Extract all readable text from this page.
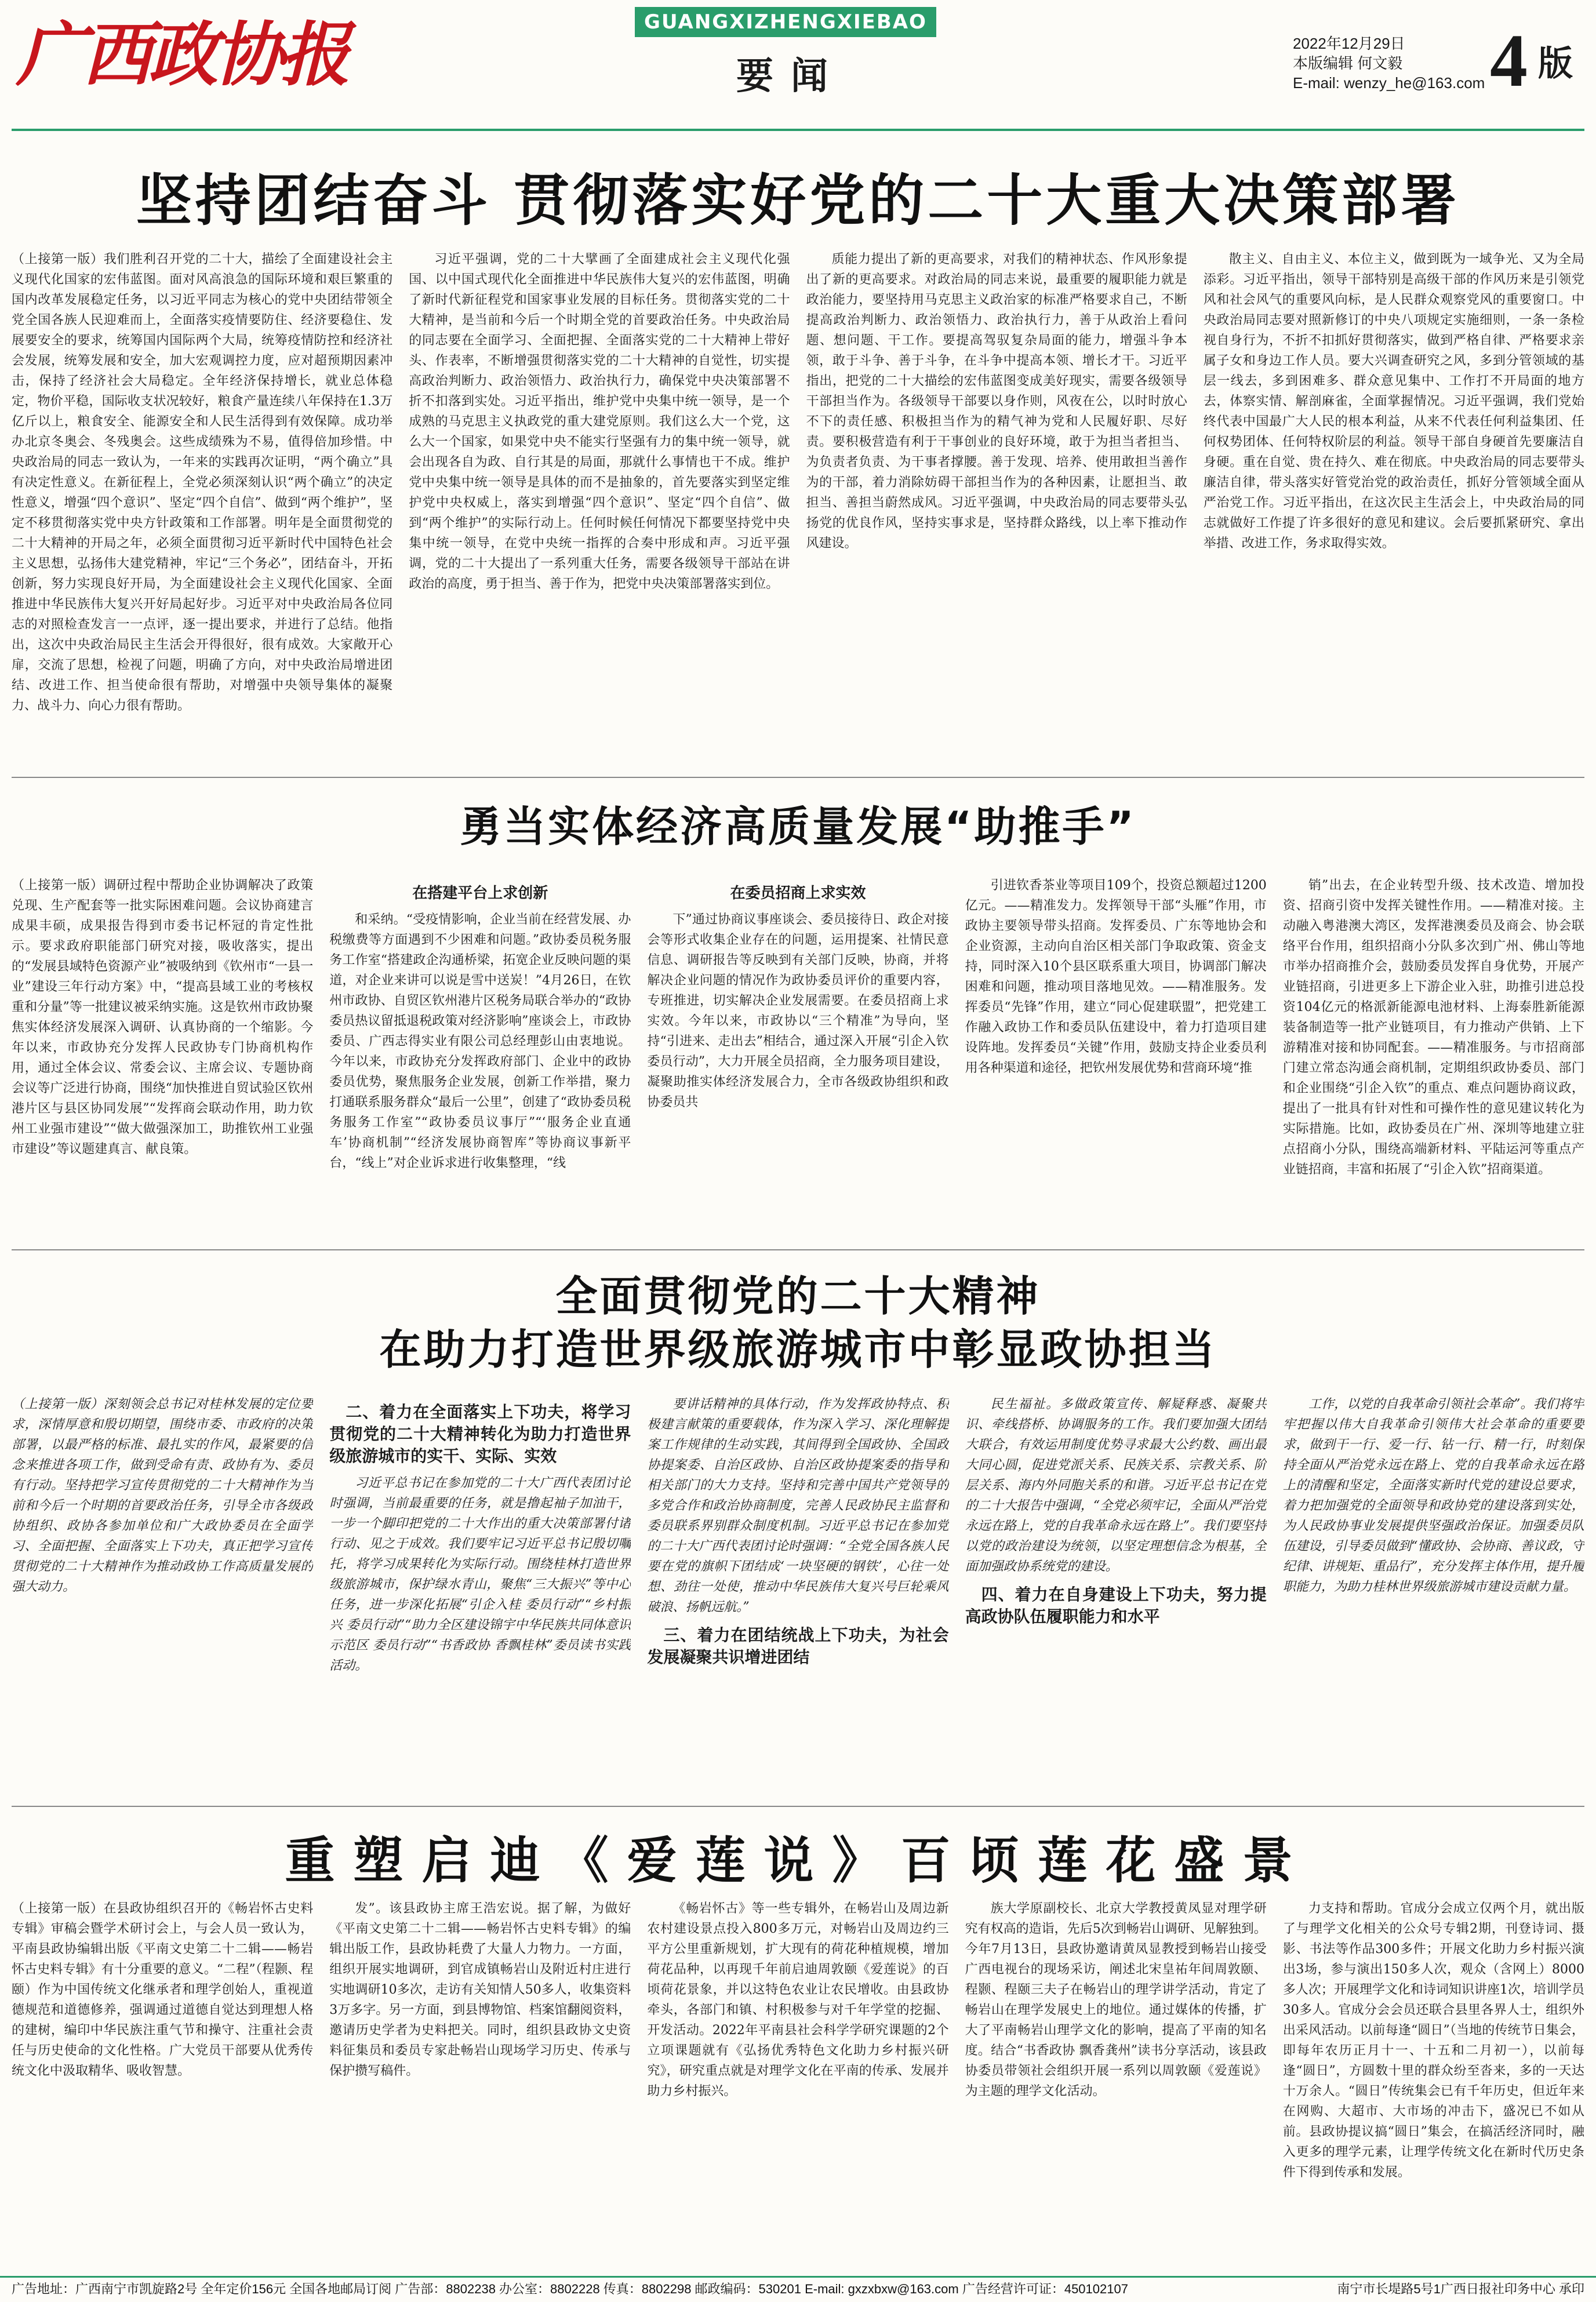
广西政协报	GUANGXIZHENGXIEBAO
要闻
2022年12月29日
本版编辑 何文毅
E-mail: wenzy_he@163.com 4 版
坚持团结奋斗 贯彻落实好党的二十大重大决策部署

（上接第一版）我们胜利召开党的二十大，描绘了全面建设社会主义现代化国家的宏伟蓝图。面对风高浪急的国际环境和艰巨繁重的国内改革发展稳定任务，以习近平同志为核心的党中央团结带领全党全国各族人民迎难而上，全面落实疫情要防住、经济要稳住、发展要安全的要求，统筹国内国际两个大局，统筹疫情防控和经济社会发展，统筹发展和安全，加大宏观调控力度，应对超预期因素冲击，保持了经济社会大局稳定。全年经济保持增长，就业总体稳定，物价平稳，国际收支状况较好，粮食产量连续八年保持在1.3万亿斤以上，粮食安全、能源安全和人民生活得到有效保障。成功举办北京冬奥会、冬残奥会。这些成绩殊为不易，值得倍加珍惜。中央政治局的同志一致认为，一年来的实践再次证明，“两个确立”具有决定性意义。在新征程上，全党必须深刻认识“两个确立”的决定性意义，增强“四个意识”、坚定“四个自信”、做到“两个维护”，坚定不移贯彻落实党中央方针政策和工作部署。明年是全面贯彻党的二十大精神的开局之年，必须全面贯彻习近平新时代中国特色社会主义思想，弘扬伟大建党精神，牢记“三个务必”，团结奋斗，开拓创新，努力实现良好开局，为全面建设社会主义现代化国家、全面推进中华民族伟大复兴开好局起好步。习近平对中央政治局各位同志的对照检查发言一一点评，逐一提出要求，并进行了总结。他指出，这次中央政治局民主生活会开得很好，很有成效。大家敞开心扉，交流了思想，检视了问题，明确了方向，对中央政治局增进团结、改进工作、担当使命很有帮助，对增强中央领导集体的凝聚力、战斗力、向心力很有帮助。

习近平强调，党的二十大擘画了全面建成社会主义现代化强国、以中国式现代化全面推进中华民族伟大复兴的宏伟蓝图，明确了新时代新征程党和国家事业发展的目标任务。贯彻落实党的二十大精神，是当前和今后一个时期全党的首要政治任务。中央政治局的同志要在全面学习、全面把握、全面落实党的二十大精神上带好头、作表率，不断增强贯彻落实党的二十大精神的自觉性，切实提高政治判断力、政治领悟力、政治执行力，确保党中央决策部署不折不扣落到实处。习近平指出，维护党中央集中统一领导，是一个成熟的马克思主义执政党的重大建党原则。我们这么大一个党，这么大一个国家，如果党中央不能实行坚强有力的集中统一领导，就会出现各自为政、自行其是的局面，那就什么事情也干不成。维护党中央集中统一领导是具体的而不是抽象的，首先要落实到坚定维护党中央权威上，落实到增强“四个意识”、坚定“四个自信”、做到“两个维护”的实际行动上。任何时候任何情况下都要坚持党中央集中统一领导，在党中央统一指挥的合奏中形成和声。习近平强调，党的二十大提出了一系列重大任务，需要各级领导干部站在讲政治的高度，勇于担当、善于作为，把党中央决策部署落实到位。

质能力提出了新的更高要求，对我们的精神状态、作风形象提出了新的更高要求。对政治局的同志来说，最重要的履职能力就是政治能力，要坚持用马克思主义政治家的标准严格要求自己，不断提高政治判断力、政治领悟力、政治执行力，善于从政治上看问题、想问题、干工作。要提高驾驭复杂局面的能力，增强斗争本领，敢于斗争、善于斗争，在斗争中提高本领、增长才干。习近平指出，把党的二十大描绘的宏伟蓝图变成美好现实，需要各级领导干部担当作为。各级领导干部要以身作则，风夜在公，以时时放心不下的责任感、积极担当作为的精气神为党和人民履好职、尽好责。要积极营造有利于干事创业的良好环境，敢于为担当者担当、为负责者负责、为干事者撑腰。善于发现、培养、使用敢担当善作为的干部，着力消除妨碍干部担当作为的各种因素，让愿担当、敢担当、善担当蔚然成风。习近平强调，中央政治局的同志要带头弘扬党的优良作风，坚持实事求是，坚持群众路线，以上率下推动作风建设。

散主义、自由主义、本位主义，做到既为一域争光、又为全局添彩。习近平指出，领导干部特别是高级干部的作风历来是引领党风和社会风气的重要风向标，是人民群众观察党风的重要窗口。中央政治局同志要对照新修订的中央八项规定实施细则，一条一条检视自身行为，不折不扣抓好贯彻落实，做到严格自律、严格要求亲属子女和身边工作人员。要大兴调查研究之风，多到分管领域的基层一线去，多到困难多、群众意见集中、工作打不开局面的地方去，体察实情、解剖麻雀，全面掌握情况。习近平强调，我们党始终代表中国最广大人民的根本利益，从来不代表任何利益集团、任何权势团体、任何特权阶层的利益。领导干部自身硬首先要廉洁自身硬。重在自觉、贵在持久、难在彻底。中央政治局的同志要带头廉洁自律，带头落实好管党治党的政治责任，抓好分管领域全面从严治党工作。习近平指出，在这次民主生活会上，中央政治局的同志就做好工作提了许多很好的意见和建议。会后要抓紧研究、拿出举措、改进工作，务求取得实效。

勇当实体经济高质量发展“助推手”

（上接第一版）调研过程中帮助企业协调解决了政策兑现、生产配套等一批实际困难问题。会议协商建言成果丰硕，成果报告得到市委书记杯冠的肯定性批示。要求政府职能部门研究对接，吸收落实，提出的“发展县域特色资源产业”被吸纳到《钦州市“一县一业”建设三年行动方案》中，“提高县域工业的考核权重和分量”等一批建议被采纳实施。这是钦州市政协聚焦实体经济发展深入调研、认真协商的一个缩影。今年以来，市政协充分发挥人民政协专门协商机构作用，通过全体会议、常委会议、主席会议、专题协商会议等广泛进行协商，围绕“加快推进自贸试验区钦州港片区与县区协同发展”“发挥商会联动作用，助力钦州工业强市建设”“做大做强深加工，助推钦州工业强市建设”等议题建真言、献良策。

在搭建平台上求创新

和采纳。“受疫情影响，企业当前在经营发展、办税缴费等方面遇到不少困难和问题。”政协委员税务服务工作室“搭建政企沟通桥梁，拓宽企业反映问题的渠道，对企业来讲可以说是雪中送炭！”4月26日，在钦州市政协、自贸区钦州港片区税务局联合举办的“政协委员热议留抵退税政策对经济影响”座谈会上，市政协委员、广西志得实业有限公司总经理彭山由衷地说。今年以来，市政协充分发挥政府部门、企业中的政协委员优势，聚焦服务企业发展，创新工作举措，聚力打通联系服务群众“最后一公里”，创建了“政协委员税务服务工作室”“政协委员议事厅”“‘服务企业直通车’协商机制”“经济发展协商智库”等协商议事新平台，“线上”对企业诉求进行收集整理，“线

在委员招商上求实效

下”通过协商议事座谈会、委员接待日、政企对接会等形式收集企业存在的问题，运用提案、社情民意信息、调研报告等反映到有关部门反映，协商，并将解决企业问题的情况作为政协委员评价的重要内容，专班推进，切实解决企业发展需要。在委员招商上求实效。今年以来，市政协以“三个精准”为导向，坚持“引进来、走出去”相结合，通过深入开展“引企入钦 委员行动”，大力开展全员招商，全力服务项目建设，凝聚助推实体经济发展合力，全市各级政协组织和政协委员共

引进钦香茶业等项目109个，投资总额超过1200亿元。——精准发力。发挥领导干部“头雁”作用，市政协主要领导带头招商。发挥委员、广东等地协会和企业资源，主动向自治区相关部门争取政策、资金支持，同时深入10个县区联系重大项目，协调部门解决困难和问题，推动项目落地见效。——精准服务。发挥委员“先锋”作用，建立“同心促建联盟”，把党建工作融入政协工作和委员队伍建设中，着力打造项目建设阵地。发挥委员“关键”作用，鼓励支持企业委员利用各种渠道和途径，把钦州发展优势和营商环境“推

销”出去，在企业转型升级、技术改造、增加投资、招商引资中发挥关键性作用。——精准对接。主动融入粤港澳大湾区，发挥港澳委员及商会、协会联络平台作用，组织招商小分队多次到广州、佛山等地市举办招商推介会，鼓励委员发挥自身优势，开展产业链招商，引进更多上下游企业入驻，助推引进总投资104亿元的格派新能源电池材料、上海泰胜新能源装备制造等一批产业链项目，有力推动产供销、上下游精准对接和协同配套。——精准服务。与市招商部门建立常态沟通会商机制，定期组织政协委员、部门和企业围绕“引企入钦”的重点、难点问题协商议政，提出了一批具有针对性和可操作性的意见建议转化为实际措施。比如，政协委员在广州、深圳等地建立驻点招商小分队，围绕高端新材料、平陆运河等重点产业链招商，丰富和拓展了“引企入钦”招商渠道。

全面贯彻党的二十大精神
在助力打造世界级旅游城市中彰显政协担当

（上接第一版）深刻领会总书记对桂林发展的定位要求，深情厚意和殷切期望，围绕市委、市政府的决策部署，以最严格的标准、最扎实的作风，最紧要的信念来推进各项工作，做到受命有责、政协有为、委员有行动。坚持把学习宣传贯彻党的二十大精神作为当前和今后一个时期的首要政治任务，引导全市各级政协组织、政协各参加单位和广大政协委员在全面学习、全面把握、全面落实上下功夫，真正把学习宣传贯彻党的二十大精神作为推动政协工作高质量发展的强大动力。

二、着力在全面落实上下功夫，将学习贯彻党的二十大精神转化为助力打造世界级旅游城市的实干、实际、实效

习近平总书记在参加党的二十大广西代表团讨论时强调，当前最重要的任务，就是撸起袖子加油干，一步一个脚印把党的二十大作出的重大决策部署付诸行动、见之于成效。我们要牢记习近平总书记殷切嘱托，将学习成果转化为实际行动。围绕桂林打造世界级旅游城市，保护绿水青山，聚焦“三大振兴”等中心任务，进一步深化拓展“引企入桂 委员行动”“乡村振兴 委员行动”“助力全区建设锦宇中华民族共同体意识示范区 委员行动”“书香政协 香飘桂林”委员读书实践活动。

要讲话精神的具体行动，作为发挥政协特点、积极建言献策的重要载体，作为深入学习、深化理解提案工作规律的生动实践，其间得到全国政协、全国政协提案委、自治区政协、自治区政协提案委的指导和相关部门的大力支持。坚持和完善中国共产党领导的多党合作和政治协商制度，完善人民政协民主监督和委员联系界别群众制度机制。习近平总书记在参加党的二十大广西代表团讨论时强调：“全党全国各族人民要在党的旗帜下团结成‘一块坚硬的钢铁’，心往一处想、劲往一处使，推动中华民族伟大复兴号巨轮乘风破浪、扬帆远航。”

三、着力在团结统战上下功夫，为社会发展凝聚共识增进团结

民生福祉。多做政策宣传、解疑释惑、凝聚共识、牵线搭桥、协调服务的工作。我们要加强大团结大联合，有效运用制度优势寻求最大公约数、画出最大同心圆，促进党派关系、民族关系、宗教关系、阶层关系、海内外同胞关系的和谐。习近平总书记在党的二十大报告中强调，“全党必须牢记，全面从严治党永远在路上，党的自我革命永远在路上”。我们要坚持以党的政治建设为统领，以坚定理想信念为根基，全面加强政协系统党的建设。

四、着力在自身建设上下功夫，努力提高政协队伍履职能力和水平

工作，以党的自我革命引领社会革命”。我们将牢牢把握以伟大自我革命引领伟大社会革命的重要要求，做到干一行、爱一行、钻一行、精一行，时刻保持全面从严治党永远在路上、党的自我革命永远在路上的清醒和坚定，全面落实新时代党的建设总要求，着力把加强党的全面领导和政协党的建设落到实处，为人民政协事业发展提供坚强政治保证。加强委员队伍建设，引导委员做到“懂政协、会协商、善议政，守纪律、讲规矩、重品行”，充分发挥主体作用，提升履职能力，为助力桂林世界级旅游城市建设贡献力量。

重塑启迪《爱莲说》百顷莲花盛景

（上接第一版）在县政协组织召开的《畅岩怀古史料专辑》审稿会暨学术研讨会上，与会人员一致认为，平南县政协编辑出版《平南文史第二十二辑——畅岩怀古史料专辑》有十分重要的意义。“二程”（程颢、程颐）作为中国传统文化继承者和理学创始人，重视道德规范和道德修养，强调通过道德自觉达到理想人格的建树，编印中华民族注重气节和操守、注重社会责任与历史使命的文化性格。广大党员干部要从优秀传统文化中汲取精华、吸收智慧。

发”。该县政协主席王浩宏说。据了解，为做好《平南文史第二十二辑——畅岩怀古史料专辑》的编辑出版工作，县政协耗费了大量人力物力。一方面，组织开展实地调研，到官成镇畅岩山及附近村庄进行实地调研10多次，走访有关知情人50多人，收集资料3万多字。另一方面，到县博物馆、档案馆翻阅资料，邀请历史学者为史料把关。同时，组织县政协文史资料征集员和委员专家赴畅岩山现场学习历史、传承与保护攒写稿件。

《畅岩怀古》等一些专辑外，在畅岩山及周边新农村建设景点投入800多万元，对畅岩山及周边约三平方公里重新规划，扩大现有的荷花种植规模，增加荷花品种，以再现千年前启迪周敦颐《爱莲说》的百顷荷花景象，并以这特色农业让农民增收。由县政协牵头，各部门和镇、村积极参与对千年学堂的挖掘、开发活动。2022年平南县社会科学学研究课题的2个立项课题就有《弘扬优秀特色文化助力乡村振兴研究》，研究重点就是对理学文化在平南的传承、发展并助力乡村振兴。

族大学原副校长、北京大学教授黄凤显对理学研究有权高的造诣，先后5次到畅岩山调研、见解独到。今年7月13日，县政协邀请黄凤显教授到畅岩山接受广西电视台的现场采访，阐述北宋皇祐年间周敦颐、程颢、程颐三夫子在畅岩山的理学讲学活动，肯定了畅岩山在理学发展史上的地位。通过媒体的传播，扩大了平南畅岩山理学文化的影响，提高了平南的知名度。结合“书香政协 飘香龚州”读书分享活动，该县政协委员带领社会组织开展一系列以周敦颐《爱莲说》为主题的理学文化活动。

力支持和帮助。官成分会成立仅两个月，就出版了与理学文化相关的公众号专辑2期，刊登诗词、摄影、书法等作品300多件；开展文化助力乡村振兴演出3场，参与演出150多人次，观众（含网上）8000多人次；开展理学文化和诗词知识讲座1次，培训学员30多人。官成分会会员还联合县里各界人士，组织外出采风活动。以前每逢“圆日”（当地的传统节日集会，即每年农历正月十一、十五和二月初一），以前每逢“圆日”，方圆数十里的群众纷至沓来，多的一天达十万余人。“圆日”传统集会已有千年历史，但近年来在网购、大超市、大市场的冲击下，盛况已不如从前。县政协提议搞“圆日”集会，在搞活经济同时，融入更多的理学元素，让理学传统文化在新时代历史条件下得到传承和发展。

广告地址：广西南宁市凯旋路2号 全年定价156元 全国各地邮局订阅 广告部：8802238 办公室：8802228 传真：8802298 邮政编码：530201 E-mail: gxzxbxw@163.com 广告经营许可证：450102107	南宁市长堤路5号1广西日报社印务中心 承印
